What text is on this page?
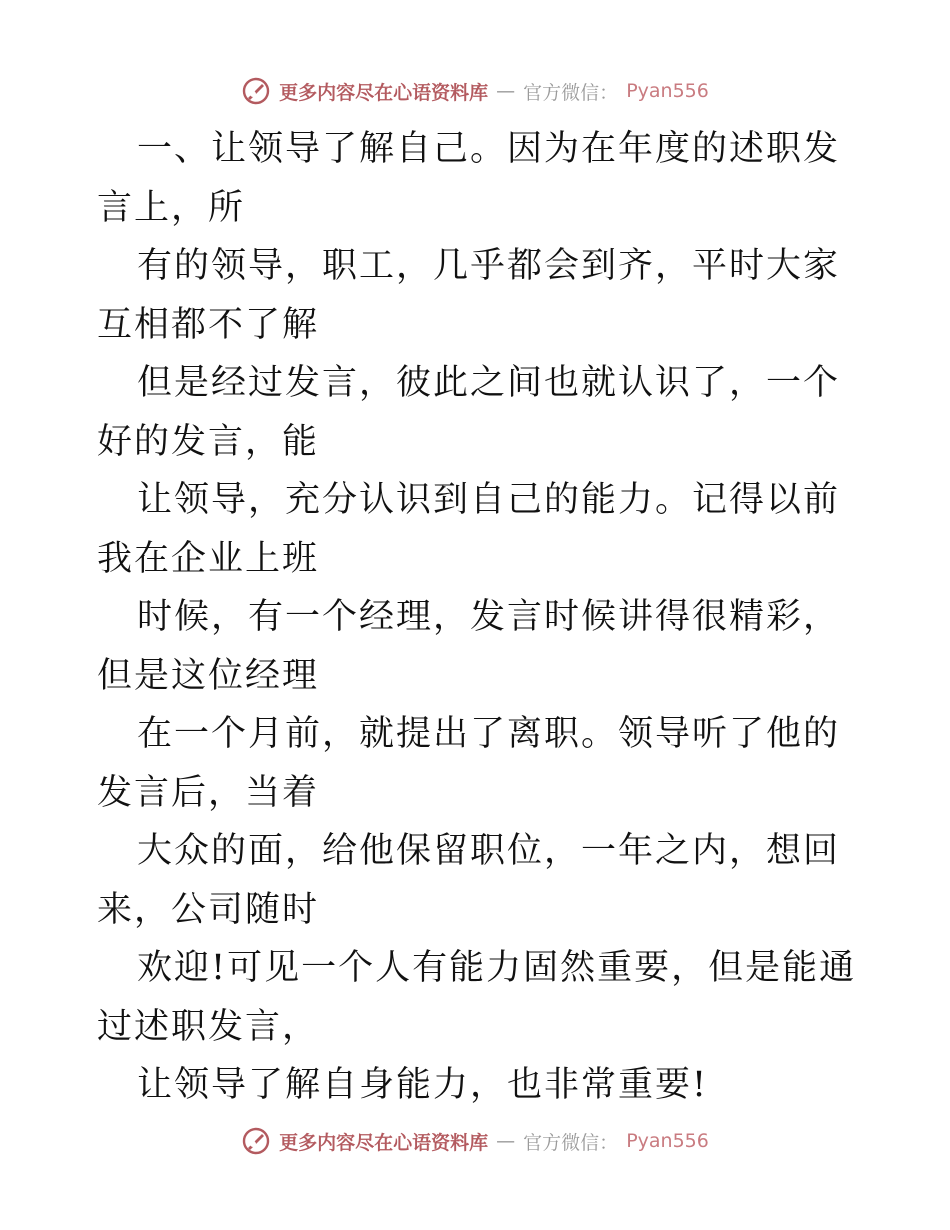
更多内容尽在心语资料库 — 官方微信： Pyan556

一、让领导了解自己。因为在年度的述职发言上，所

有的领导，职工，几乎都会到齐，平时大家互相都不了解

但是经过发言，彼此之间也就认识了，一个好的发言，能

让领导，充分认识到自己的能力。记得以前我在企业上班

时候，有一个经理，发言时候讲得很精彩，但是这位经理

在一个月前，就提出了离职。领导听了他的发言后，当着

大众的面，给他保留职位，一年之内，想回来，公司随时

欢迎!可见一个人有能力固然重要，但是能通过述职发言，

让领导了解自身能力，也非常重要!

更多内容尽在心语资料库 — 官方微信： Pyan556
